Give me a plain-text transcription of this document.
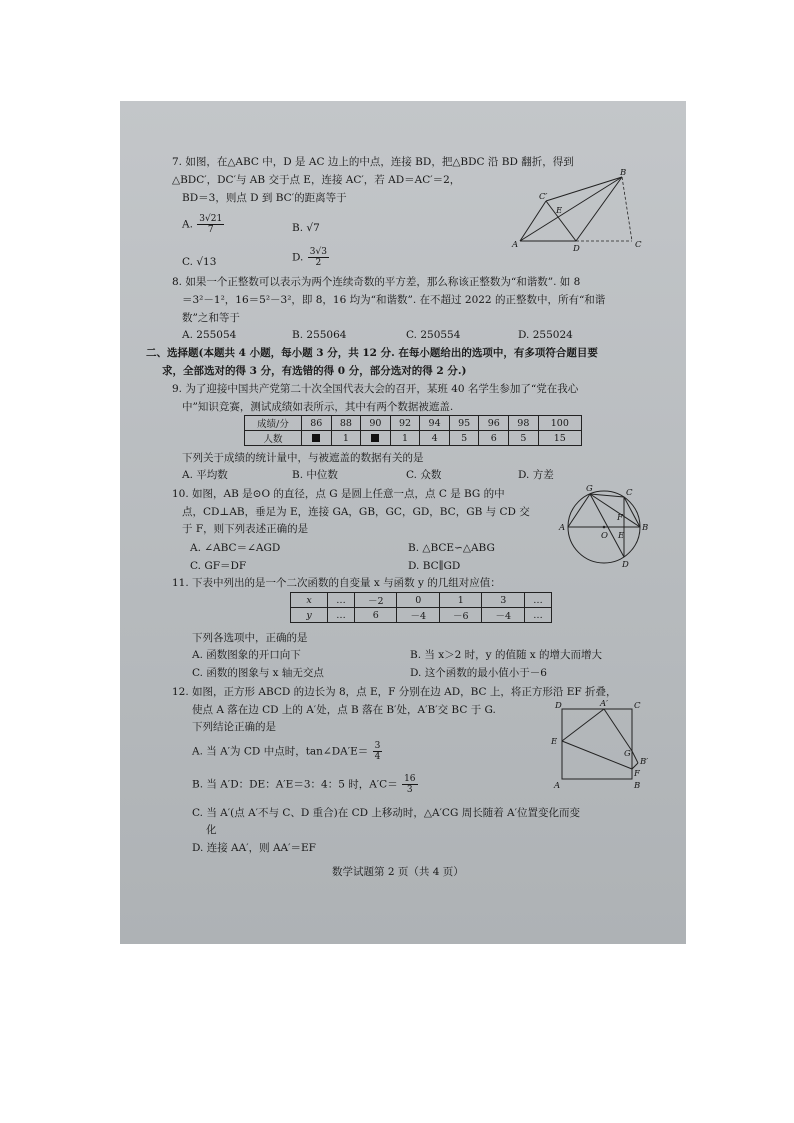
7. 如图，在△ABC 中，D 是 AC 边上的中点，连接 BD，把△BDC 沿 BD 翻折，得到
△BDC′，DC′与 AB 交于点 E，连接 AC′，若 AD＝AC′＝2，
BD＝3，则点 D 到 BC′的距离等于
A. $\frac{3√21}{7}$	B. √7
C. √13	D. $\frac{3√3}{2}$
B
C′
E
A	D	C
8. 如果一个正整数可以表示为两个连续奇数的平方差，那么称该正整数为“和谐数”. 如 8
＝3²－1²，16＝5²－3²，即 8，16 均为“和谐数”. 在不超过 2022 的正整数中，所有“和谐
数”之和等于
A. 255054	B. 255064	C. 250554	D. 255024
二、选择题(本题共 4 小题，每小题 3 分，共 12 分. 在每小题给出的选项中，有多项符合题目要
求，全部选对的得 3 分，有选错的得 0 分，部分选对的得 2 分.)
9. 为了迎接中国共产党第二十次全国代表大会的召开，某班 40 名学生参加了“党在我心
中”知识竞赛，测试成绩如表所示，其中有两个数据被遮盖.
成绩/分	86	88	90	92	94	95	96	98	100
人数		1		1	4	5	6	5	15
下列关于成绩的统计量中，与被遮盖的数据有关的是
A. 平均数	B. 中位数	C. 众数	D. 方差
10. 如图，AB 是⊙O 的直径，点 G 是圆上任意一点，点 C 是 BG 的中
点，CD⊥AB，垂足为 E，连接 GA，GB，GC，GD，BC，GB 与 CD 交
于 F，则下列表述正确的是
A. ∠ABC＝∠AGD	B. △BCE∽△ABG
C. GF＝DF	D. BC∥GD
G	C
A
O
F
E
B
D
11. 下表中列出的是一个二次函数的自变量 x 与函数 y 的几组对应值：
x	…	－2	0	1	3	…
y	…	6	－4	－6	－4	…
下列各选项中，正确的是
A. 函数图象的开口向下	B. 当 x＞2 时，y 的值随 x 的增大而增大
C. 函数的图象与 x 轴无交点	D. 这个函数的最小值小于－6
12. 如图，正方形 ABCD 的边长为 8，点 E，F 分别在边 AD，BC 上，将正方形沿 EF 折叠，
使点 A 落在边 CD 上的 A′处，点 B 落在 B′处，A′B′交 BC 于 G.
下列结论正确的是
A. 当 A′为 CD 中点时，tan∠DA′E＝ $\frac{3}{4}$
B. 当 A′D：DE：A′E＝3：4：5 时，$A'C= \frac{16}{3}$
C. 当 A′(点 A′不与 C、D 重合)在 CD 上移动时，△A′CG 周长随着 A′位置变化而变
化
D. 连接 AA′，则 AA′＝EF
D	A′	C
E
G
B′
F
A	B
数学试题第 2 页（共 4 页）
